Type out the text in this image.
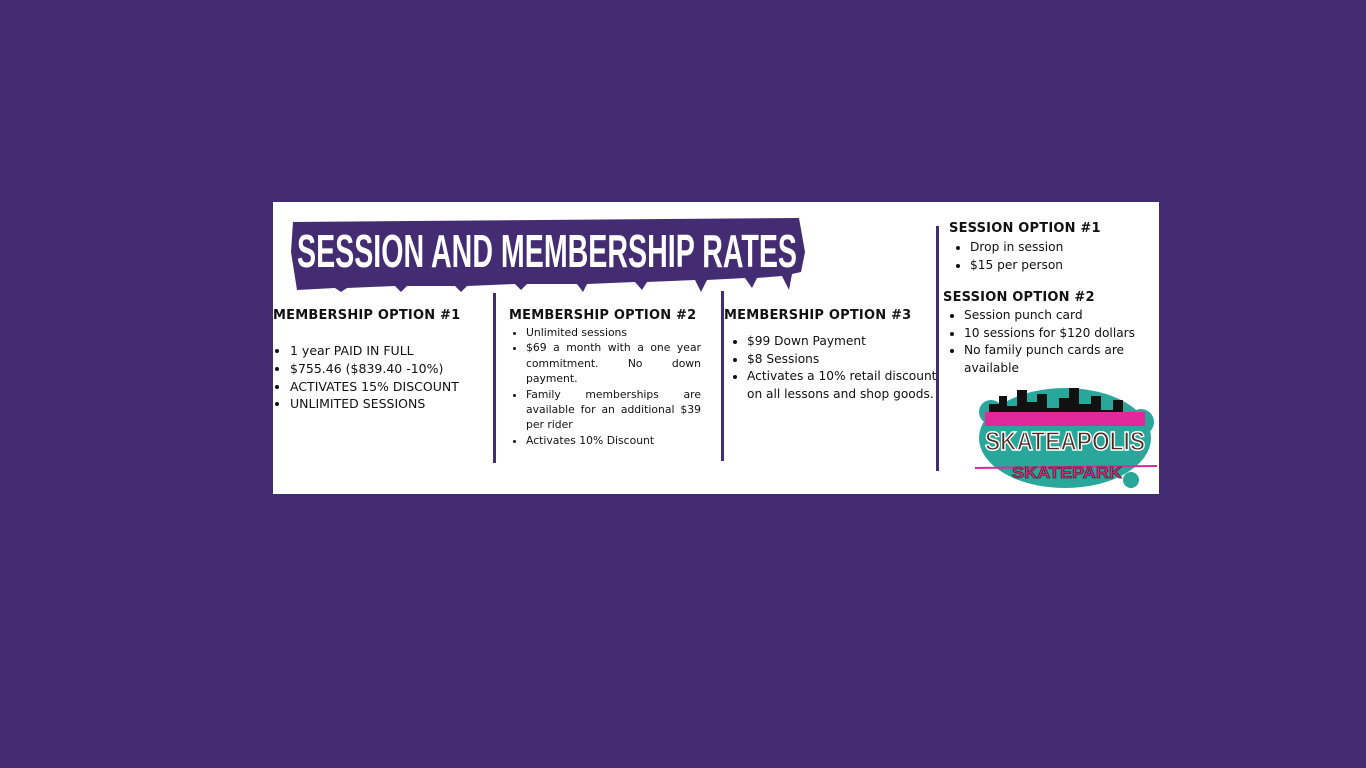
SESSION AND MEMBERSHIP RATES
MEMBERSHIP OPTION #1
• 1 year PAID IN FULL
• $755.46 ($839.40 -10%)
• ACTIVATES 15% DISCOUNT
• UNLIMITED SESSIONS
MEMBERSHIP OPTION #2
• Unlimited sessions
• $69 a month with a one year commitment. No down payment.
• Family memberships are available for an additional $39 per rider
• Activates 10% Discount
MEMBERSHIP OPTION #3
• $99 Down Payment
• $8 Sessions
• Activates a 10% retail discount on all lessons and shop goods.
SESSION OPTION #1
• Drop in session
• $15 per person
SESSION OPTION #2
• Session punch card
• 10 sessions for $120 dollars
• No family punch cards are available
SKATEAPOLIS
SKATEPARK
